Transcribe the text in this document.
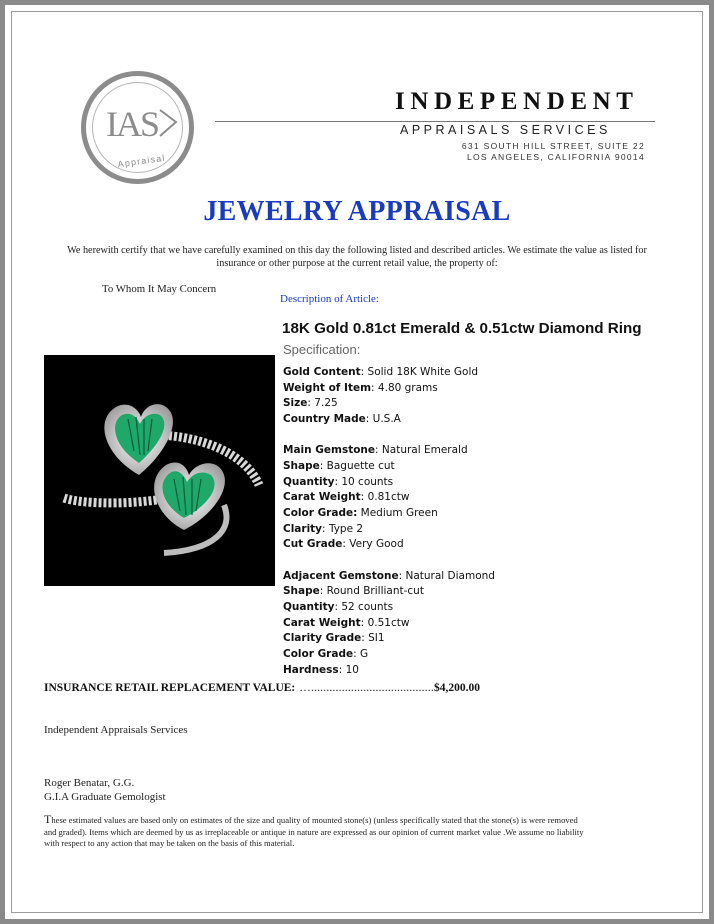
IAS
Appraisal
INDEPENDENT
APPRAISALS SERVICES
631 SOUTH HILL STREET, SUITE 22
LOS ANGELES, CALIFORNIA 90014
JEWELRY APPRAISAL
We herewith certify that we have carefully examined on this day the following listed and described articles. We estimate the value as listed for insurance or other purpose at the current retail value, the property of:
To Whom It May Concern
Description of Article:
18K Gold 0.81ct Emerald & 0.51ctw Diamond Ring
Specification:
Gold Content: Solid 18K White Gold
Weight of Item: 4.80 grams
Size: 7.25
Country Made: U.S.A
Main Gemstone: Natural Emerald
Shape: Baguette cut
Quantity: 10 counts
Carat Weight: 0.81ctw
Color Grade: Medium Green
Clarity: Type 2
Cut Grade: Very Good
Adjacent Gemstone: Natural Diamond
Shape: Round Brilliant-cut
Quantity: 52 counts
Carat Weight: 0.51ctw
Clarity Grade: SI1
Color Grade: G
Hardness: 10
INSURANCE RETAIL REPLACEMENT VALUE: …........................................$4,200.00
Independent Appraisals Services
Roger Benatar, G.G.
G.I.A Graduate Gemologist
These estimated values are based only on estimates of the size and quality of mounted stone(s) (unless specifically stated that the stone(s) is were removed and graded). Items which are deemed by us as irreplaceable or antique in nature are expressed as our opinion of current market value .We assume no liability with respect to any action that may be taken on the basis of this material.
